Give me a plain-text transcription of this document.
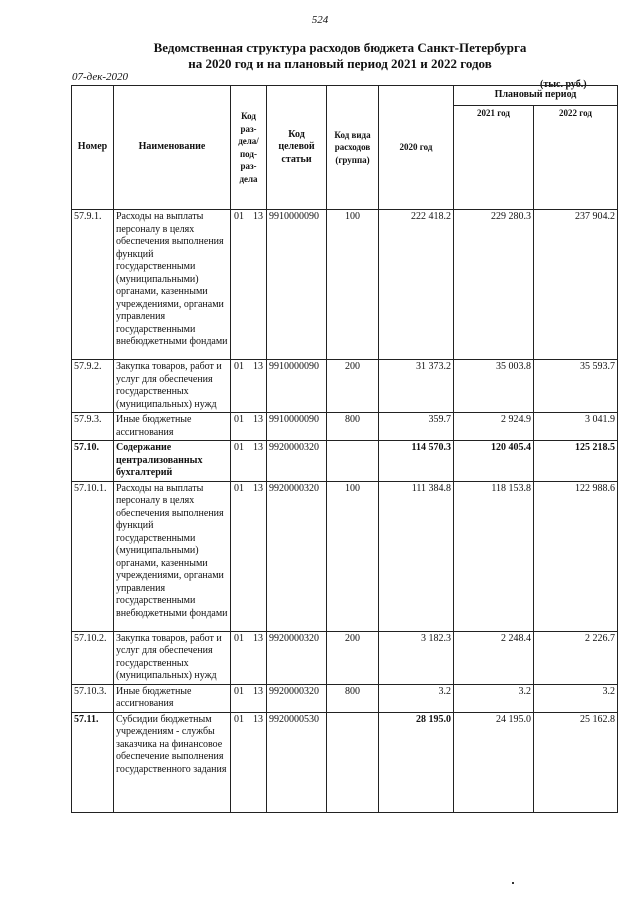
524
Ведомственная структура расходов бюджета Санкт-Петербурга
на 2020 год и на плановый период 2021 и 2022 годов
07-дек-2020
(тыс. руб.)
Номер	Наименование	Код раз-дела/ под-раз-дела	Код целевой статьи	Код вида расходов (группа)	2020 год	Плановый период	
						2021 год	2022 год
57.9.1.	Расходы на выплаты персоналу в целях обеспечения выполнения функций государственными (муниципальными) органами, казенными учреждениями, органами управления государственными внебюджетными фондами	01 13	9910000090	100	222 418.2	229 280.3	237 904.2
57.9.2.	Закупка товаров, работ и услуг для обеспечения государственных (муниципальных) нужд	01 13	9910000090	200	31 373.2	35 003.8	35 593.7
57.9.3.	Иные бюджетные ассигнования	01 13	9910000090	800	359.7	2 924.9	3 041.9
57.10.	Содержание централизованных бухгалтерий	01 13	9920000320		114 570.3	120 405.4	125 218.5
57.10.1.	Расходы на выплаты персоналу в целях обеспечения выполнения функций государственными (муниципальными) органами, казенными учреждениями, органами управления государственными внебюджетными фондами	01 13	9920000320	100	111 384.8	118 153.8	122 988.6
57.10.2.	Закупка товаров, работ и услуг для обеспечения государственных (муниципальных) нужд	01 13	9920000320	200	3 182.3	2 248.4	2 226.7
57.10.3.	Иные бюджетные ассигнования	01 13	9920000320	800	3.2	3.2	3.2
57.11.	Субсидии бюджетным учреждениям - службы заказчика на финансовое обеспечение выполнения государственного задания	01 13	9920000530		28 195.0	24 195.0	25 162.8
